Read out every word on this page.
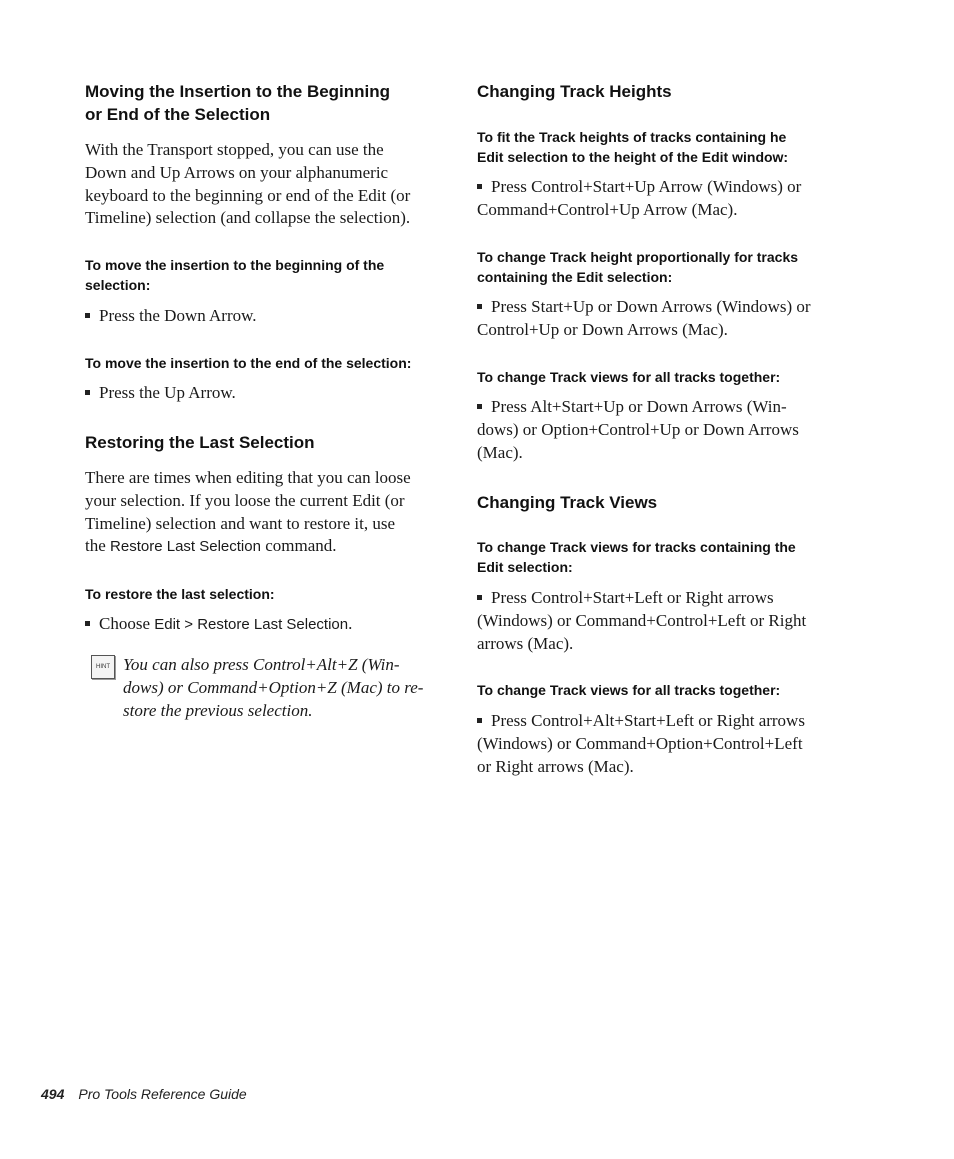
Moving the Insertion to the Beginning
or End of the Selection

With the Transport stopped, you can use the
Down and Up Arrows on your alphanumeric
keyboard to the beginning or end of the Edit (or
Timeline) selection (and collapse the selection).

To move the insertion to the beginning of the
selection:

Press the Down Arrow.

To move the insertion to the end of the selection:

Press the Up Arrow.

Restoring the Last Selection

There are times when editing that you can loose
your selection. If you loose the current Edit (or
Timeline) selection and want to restore it, use
the Restore Last Selection command.

To restore the last selection:

Choose Edit > Restore Last Selection.

HINT You can also press Control+Alt+Z (Win-
dows) or Command+Option+Z (Mac) to re-
store the previous selection.
Changing Track Heights

To fit the Track heights of tracks containing he
Edit selection to the height of the Edit window:

Press Control+Start+Up Arrow (Windows) or
Command+Control+Up Arrow (Mac).

To change Track height proportionally for tracks
containing the Edit selection:

Press Start+Up or Down Arrows (Windows) or
Control+Up or Down Arrows (Mac).

To change Track views for all tracks together:

Press Alt+Start+Up or Down Arrows (Win-
dows) or Option+Control+Up or Down Arrows
(Mac).

Changing Track Views

To change Track views for tracks containing the
Edit selection:

Press Control+Start+Left or Right arrows
(Windows) or Command+Control+Left or Right
arrows (Mac).

To change Track views for all tracks together:

Press Control+Alt+Start+Left or Right arrows
(Windows) or Command+Option+Control+Left
or Right arrows (Mac).

494 Pro Tools Reference Guide
